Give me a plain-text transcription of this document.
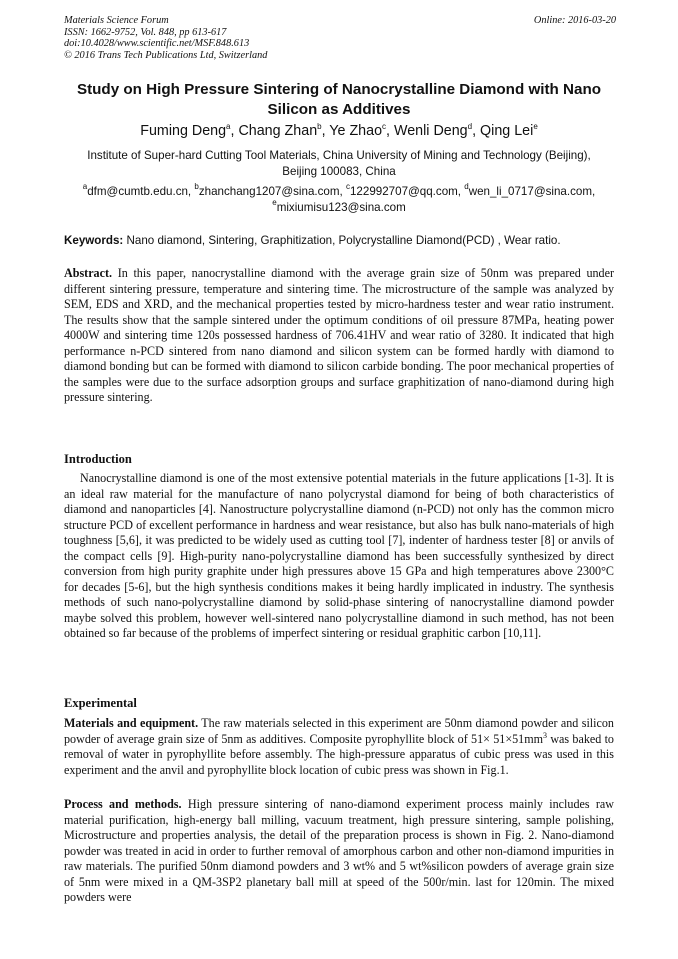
Materials Science Forum
ISSN: 1662-9752, Vol. 848, pp 613-617
doi:10.4028/www.scientific.net/MSF.848.613
© 2016 Trans Tech Publications Ltd, Switzerland
Online: 2016-03-20
Study on High Pressure Sintering of Nanocrystalline Diamond with Nano Silicon as Additives
Fuming Deng$^a$, Chang Zhan$^b$, Ye Zhao$^c$, Wenli Deng$^d$, Qing Lei$^e$
Institute of Super-hard Cutting Tool Materials, China University of Mining and Technology (Beijing),
Beijing 100083, China
$^a$dfm@cumtb.edu.cn, $^b$zhanchang1207@sina.com, $^c$122992707@qq.com, $^d$wen_li_0717@sina.com,
$^e$mixiumisu123@sina.com
Keywords: Nano diamond, Sintering, Graphitization, Polycrystalline Diamond(PCD) , Wear ratio.
Abstract. In this paper, nanocrystalline diamond with the average grain size of 50nm was prepared under different sintering pressure, temperature and sintering time. The microstructure of the sample was analyzed by SEM, EDS and XRD, and the mechanical properties tested by micro-hardness tester and wear ratio instrument. The results show that the sample sintered under the optimum conditions of oil pressure 87MPa, heating power 4000W and sintering time 120s possessed hardness of 706.41HV and wear ratio of 3280. It indicated that high performance n-PCD sintered from nano diamond and silicon system can be formed hardly with diamond to diamond bonding but can be formed with diamond to silicon carbide bonding. The poor mechanical properties of the samples were due to the surface adsorption groups and surface graphitization of nano-diamond during high pressure sintering.
Introduction
Nanocrystalline diamond is one of the most extensive potential materials in the future applications [1-3]. It is an ideal raw material for the manufacture of nano polycrystal diamond for being of both characteristics of diamond and nanoparticles [4]. Nanostructure polycrystalline diamond (n-PCD) not only has the common micro structure PCD of excellent performance in hardness and wear resistance, but also has bulk nano-materials of high toughness [5,6], it was predicted to be widely used as cutting tool [7], indenter of hardness tester [8] or anvils of the compact cells [9]. High-purity nano-polycrystalline diamond has been successfully synthesized by direct conversion from high purity graphite under high pressures above 15 GPa and high temperatures above 2300°C for decades [5-6], but the high synthesis conditions makes it being hardly implicated in industry. The synthesis methods of such nano-polycrystalline diamond by solid-phase sintering of nanocrystalline diamond powder maybe solved this problem, however well-sintered nano polycrystalline diamond in such method, has not been obtained so far because of the problems of imperfect sintering or residual graphitic carbon [10,11].
Experimental
Materials and equipment. The raw materials selected in this experiment are 50nm diamond powder and silicon powder of average grain size of 5nm as additives. Composite pyrophyllite block of $51\times 51\times 51mm^3$ was baked to removal of water in pyrophyllite before assembly. The high-pressure apparatus of cubic press was used in this experiment and the anvil and pyrophyllite block location of cubic press was shown in Fig.1.
Process and methods. High pressure sintering of nano-diamond experiment process mainly includes raw material purification, high-energy ball milling, vacuum treatment, high pressure sintering, sample polishing, Microstructure and properties analysis, the detail of the preparation process is shown in Fig. 2. Nano-diamond powder was treated in acid in order to further removal of amorphous carbon and other non-diamond impurities in raw materials. The purified 50nm diamond powders and 3 wt% and 5 wt%silicon powders of average grain size of 5nm were mixed in a QM-3SP2 planetary ball mill at speed of the 500r/min. last for 120min. The mixed powders were
